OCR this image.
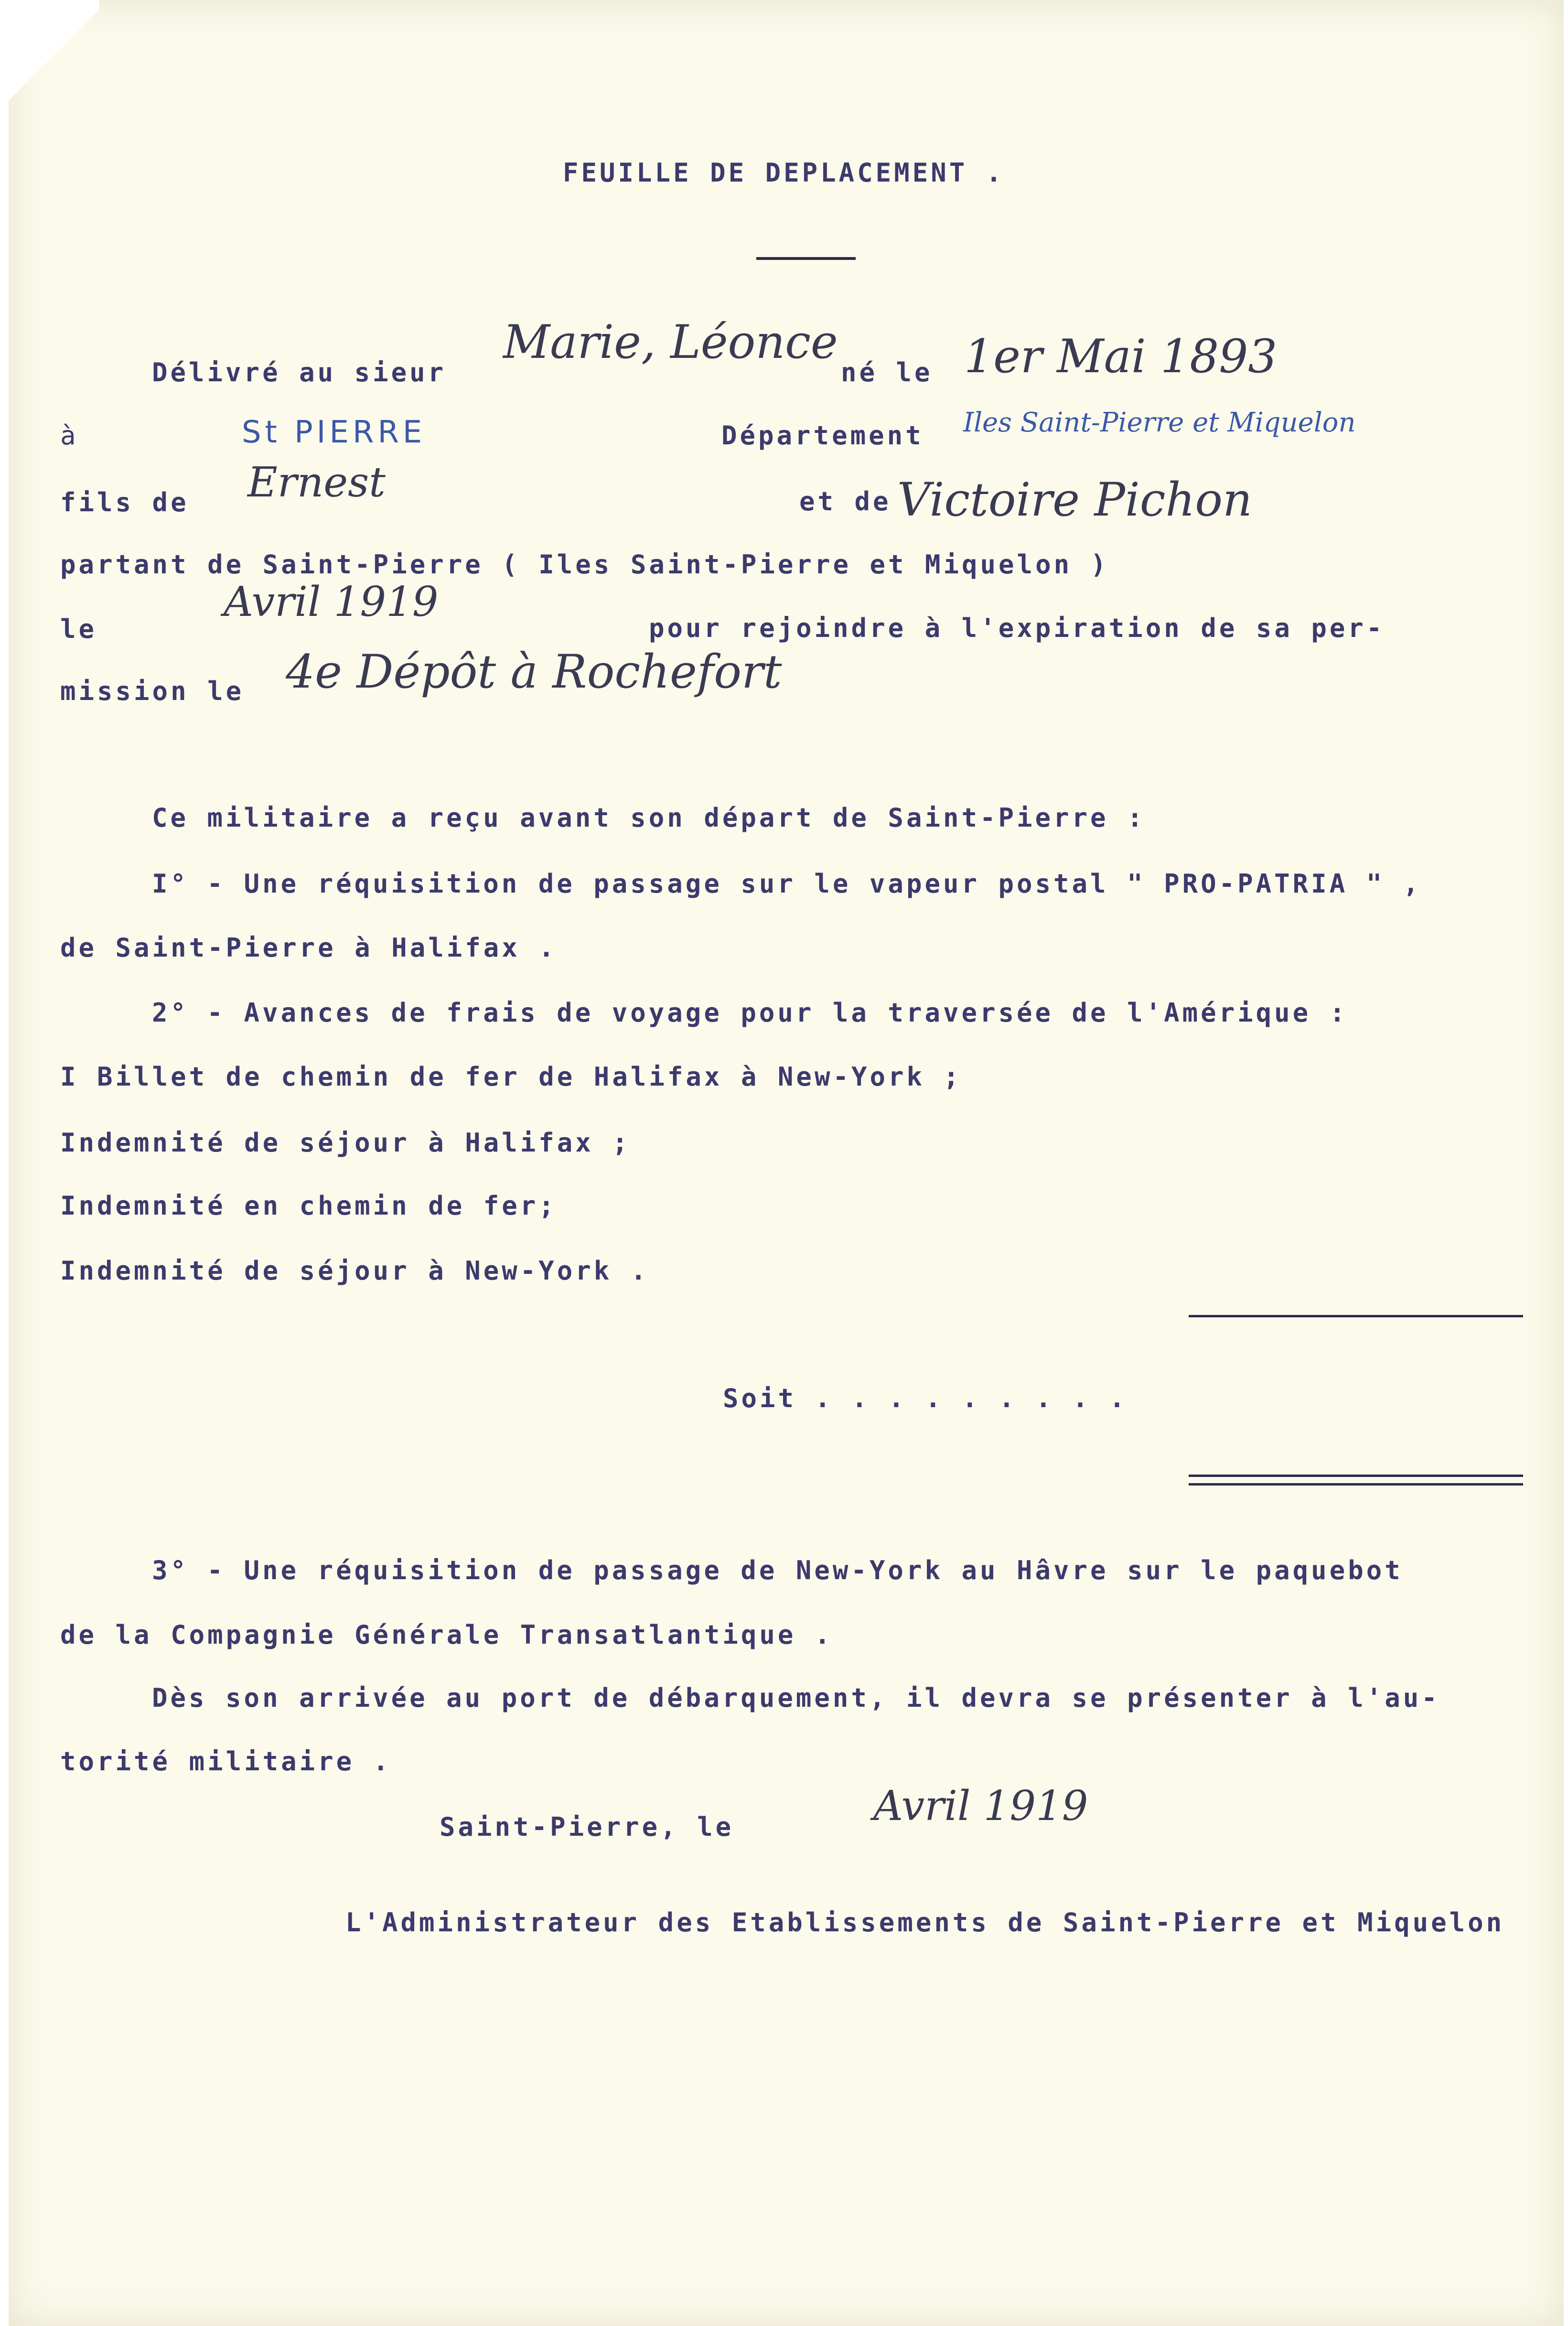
FEUILLE DE DEPLACEMENT .
Délivré au sieur
Marie, Léonce
né le 1er Mai 1893
à	St PIERRE	Département Iles Saint-Pierre et Miquelon
fils de Ernest	et de Victoire Pichon
partant de Saint-Pierre ( Iles Saint-Pierre et Miquelon )
le
Avril 1919
pour rejoindre à l'expiration de sa per-
mission le 4e Dépôt à Rochefort
Ce militaire a reçu avant son départ de Saint-Pierre :
I° - Une réquisition de passage sur le vapeur postal " PRO-PATRIA " ,
de Saint-Pierre à Halifax .
2° - Avances de frais de voyage pour la traversée de l'Amérique :
I Billet de chemin de fer de Halifax à New-York ;
Indemnité de séjour à Halifax ;
Indemnité en chemin de fer;
Indemnité de séjour à New-York .
Soit . . . . . . . . .
3° - Une réquisition de passage de New-York au Hâvre sur le paquebot
de la Compagnie Générale Transatlantique .
Dès son arrivée au port de débarquement, il devra se présenter à l'au-
torité militaire .
Saint-Pierre, le	Avril 1919
L'Administrateur des Etablissements de Saint-Pierre et Miquelon
